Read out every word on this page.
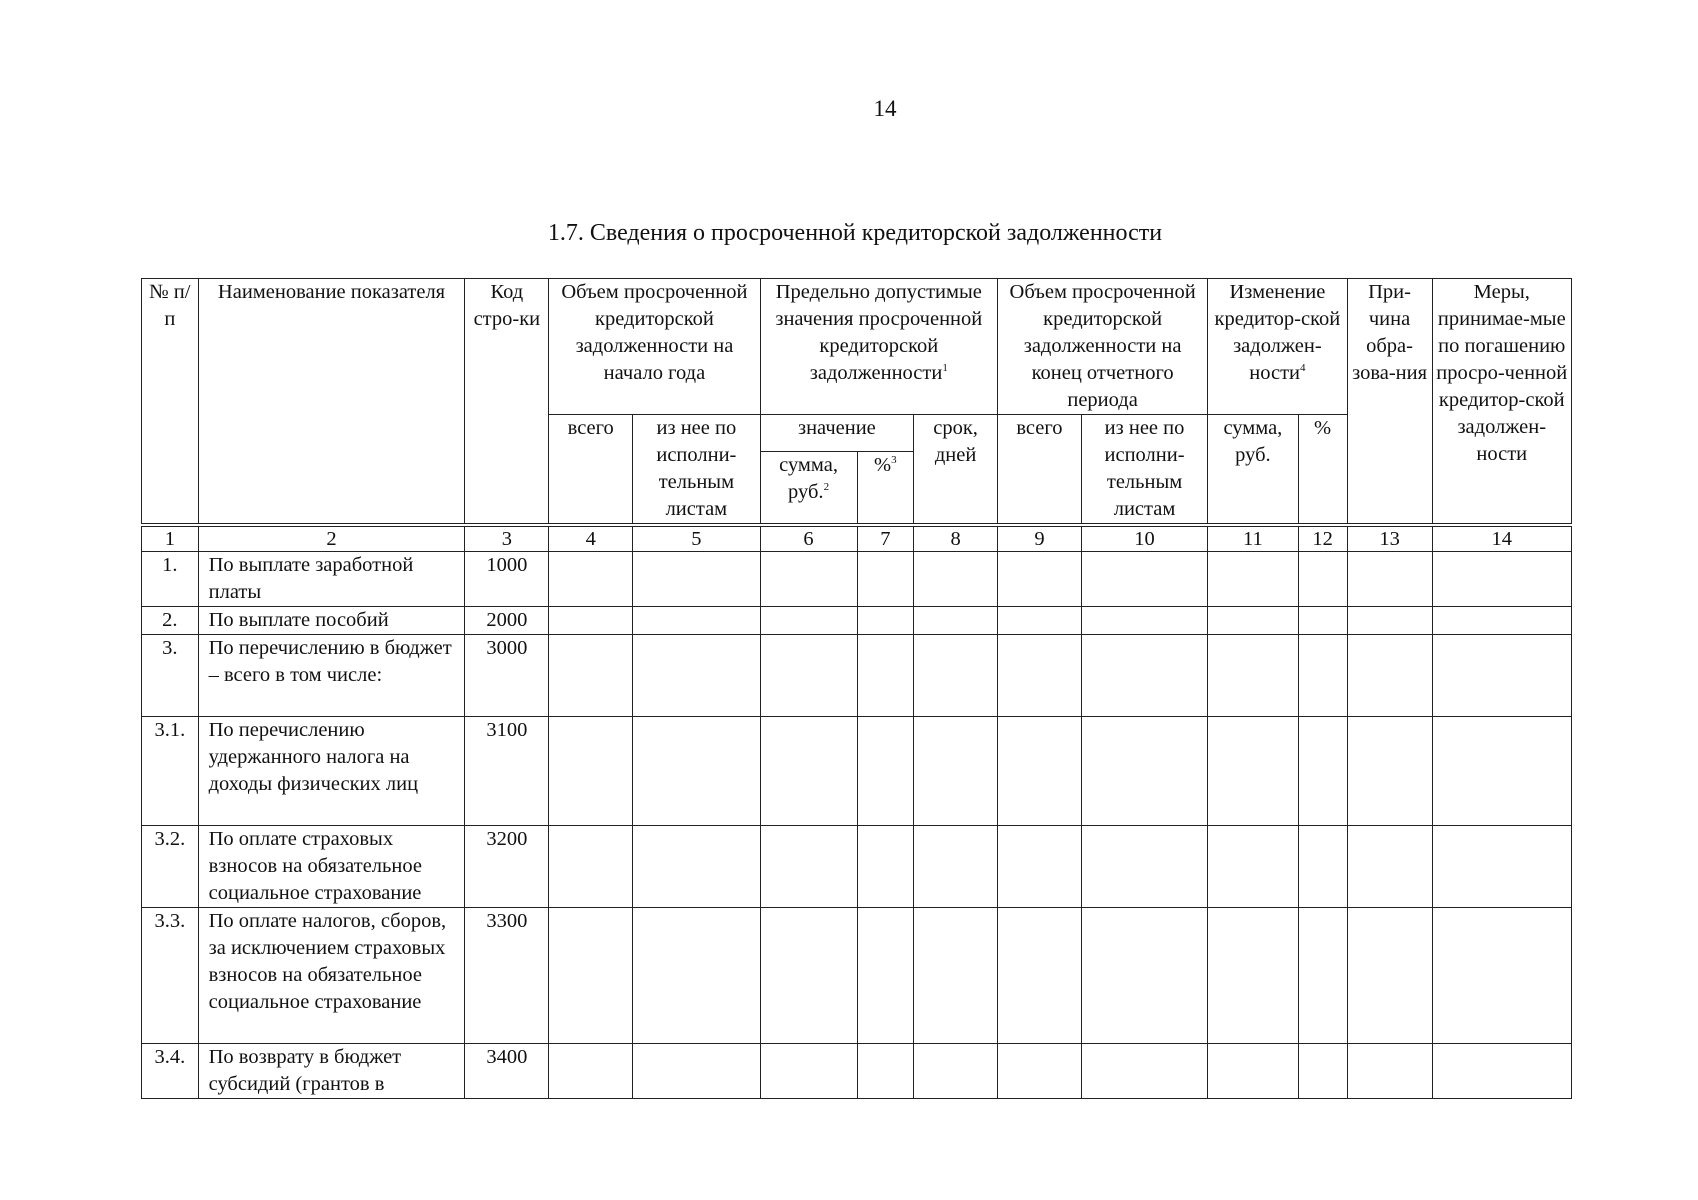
14
1.7. Сведения о просроченной кредиторской задолженности
№ п/п	Наименование показателя	Код стро-ки	Объем просроченной кредиторской задолженности на начало года		Предельно допустимые значения просроченной кредиторской задолженности$^1$			Объем просроченной кредиторской задолженности на конец отчетного периода		Изменение кредитор-ской задолжен-ности$^4$		При-чина обра-зова-ния	Меры, принимае-мые по погашению просро-ченной кредитор-ской задолжен-ности
			всего	из нее по исполни-тельным листам	значение		срок, дней	всего	из нее по исполни-тельным листам	сумма, руб.	%		
					сумма, руб.$^2$	%$^3$
1	2	3	4	5	6	7	8	9	10	11	12	13	14
1.	По выплате заработной платы	1000											
2.	По выплате пособий	2000											
3.	По перечислению в бюджет – всего в том числе:	3000											
3.1.	По перечислению удержанного налога на доходы физических лиц	3100											
3.2.	По оплате страховых взносов на обязательное социальное страхование	3200											
3.3.	По оплате налогов, сборов, за исключением страховых взносов на обязательное социальное страхование	3300											
3.4.	По возврату в бюджет субсидий (грантов в	3400											
